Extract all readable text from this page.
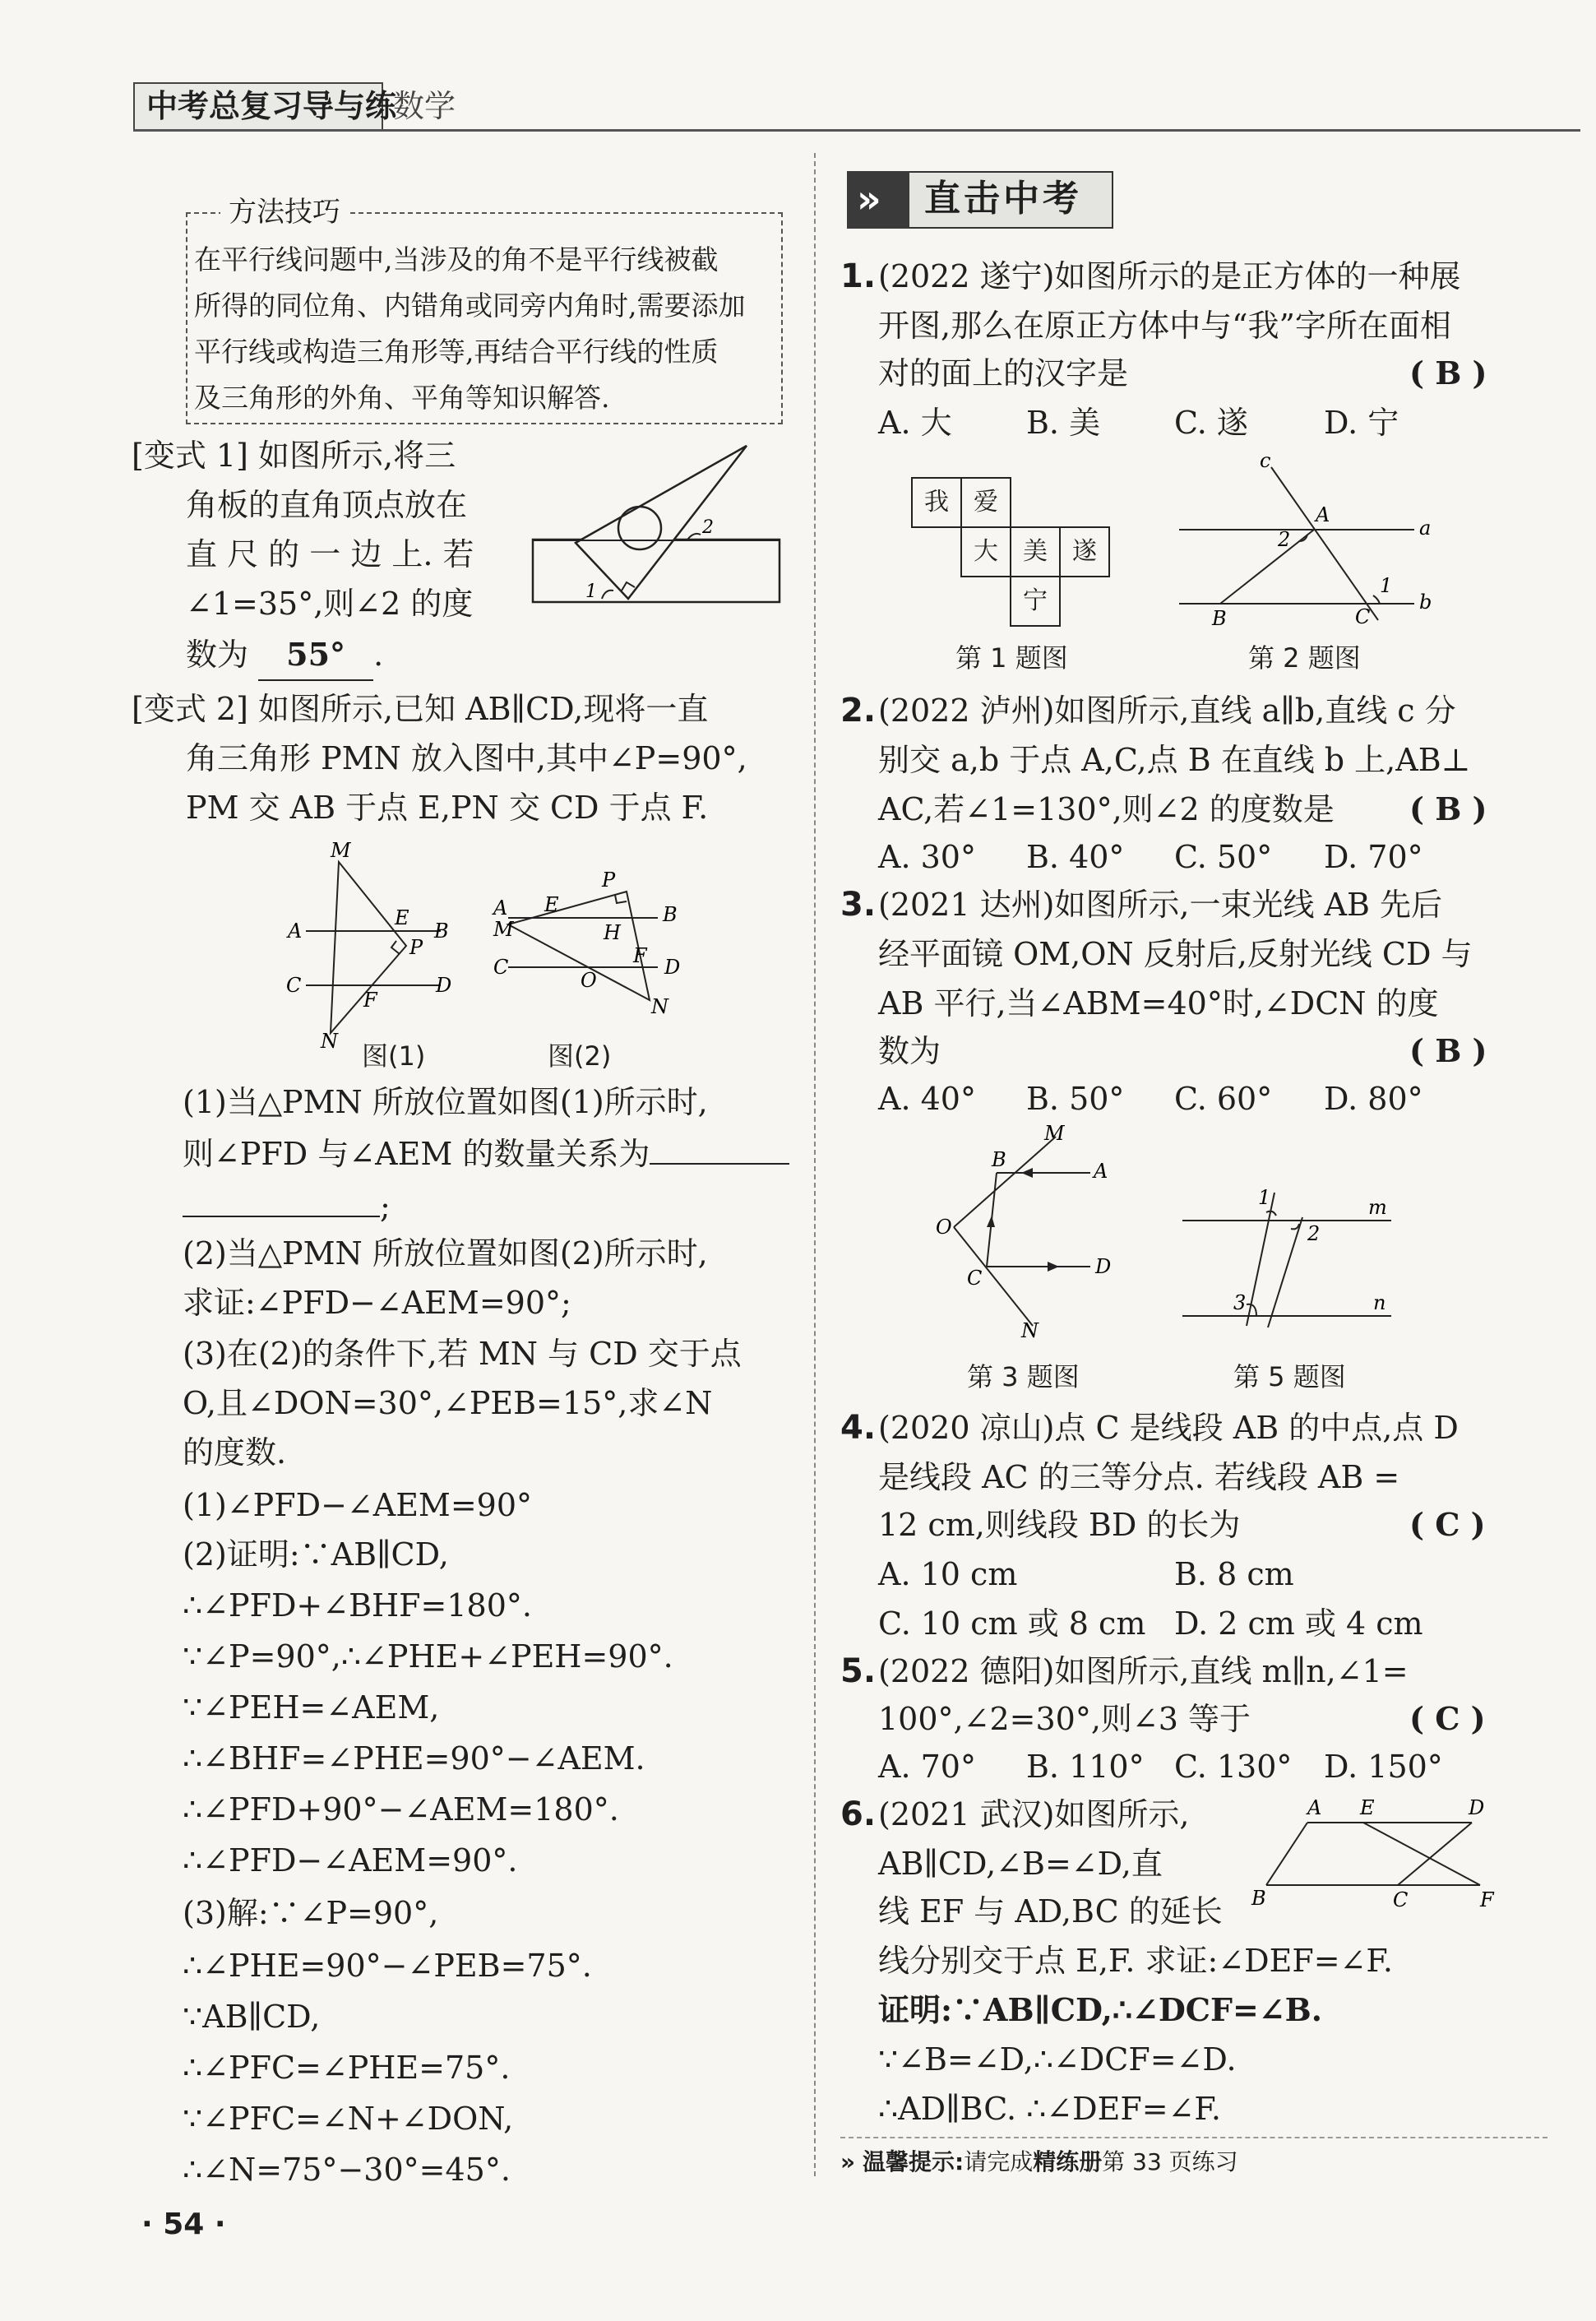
中考总复习导与练
数学
方法技巧
在平行线问题中,当涉及的角不是平行线被截
所得的同位角、内错角或同旁内角时,需要添加
平行线或构造三角形等,再结合平行线的性质
及三角形的外角、平角等知识解答.
[变式 1] 如图所示,将三
角板的直角顶点放在
直 尺 的 一 边 上. 若
∠1=35°,则∠2 的度
数为 55° .
1
2
[变式 2] 如图所示,已知 AB∥CD,现将一直
角三角形 PMN 放入图中,其中∠P=90°,
PM 交 AB 于点 E,PN 交 CD 于点 F.
M
A
E
B
P
C
F
D
N 图(1)
P
A E
M	H
B
C
O
F D
N
图(2)
(1)当△PMN 所放位置如图(1)所示时,
则∠PFD 与∠AEM 的数量关系为
;
(2)当△PMN 所放位置如图(2)所示时,
求证:∠PFD−∠AEM=90°;
(3)在(2)的条件下,若 MN 与 CD 交于点
O,且∠DON=30°,∠PEB=15°,求∠N
的度数.
(1)∠PFD−∠AEM=90°
(2)证明:∵AB∥CD,
∴∠PFD+∠BHF=180°.
∵∠P=90°,∴∠PHE+∠PEH=90°.
∵∠PEH=∠AEM,
∴∠BHF=∠PHE=90°−∠AEM.
∴∠PFD+90°−∠AEM=180°.
∴∠PFD−∠AEM=90°.
(3)解:∵∠P=90°,
∴∠PHE=90°−∠PEB=75°.
∵AB∥CD,
∴∠PFC=∠PHE=75°.
∵∠PFC=∠N+∠DON,
∴∠N=75°−30°=45°.
· 54 ·
» 直击中考
1. (2022 遂宁)如图所示的是正方体的一种展
开图,那么在原正方体中与“我”字所在面相
对的面上的汉字是	( B )
A. 大 B. 美 C. 遂 D. 宁
我	爱
大	美	遂
宁
第 1 题图
c
A
a
2
1
B	C
b
第 2 题图
2. (2022 泸州)如图所示,直线 a∥b,直线 c 分
别交 a,b 于点 A,C,点 B 在直线 b 上,AB⊥
AC,若∠1=130°,则∠2 的度数是 ( B )
A. 30° B. 40° C. 50° D. 70°
3. (2021 达州)如图所示,一束光线 AB 先后
经平面镜 OM,ON 反射后,反射光线 CD 与
AB 平行,当∠ABM=40°时,∠DCN 的度
数为	( B )
A. 40° B. 50° C. 60° D. 80°
M
B	A
O
C	D
N
第 3 题图
1
2
m
3	n
第 5 题图
4. (2020 凉山)点 C 是线段 AB 的中点,点 D
是线段 AC 的三等分点. 若线段 AB =
12 cm,则线段 BD 的长为	( C )
A. 10 cm	B. 8 cm
C. 10 cm 或 8 cm D. 2 cm 或 4 cm
5. (2022 德阳)如图所示,直线 m∥n,∠1=
100°,∠2=30°,则∠3 等于	( C )
A. 70° B. 110° C. 130° D. 150°
6. (2021 武汉)如图所示,
AB∥CD,∠B=∠D,直
线 EF 与 AD,BC 的延长
线分别交于点 E,F. 求证:∠DEF=∠F.
证明:∵AB∥CD,∴∠DCF=∠B.
∵∠B=∠D,∴∠DCF=∠D.
∴AD∥BC. ∴∠DEF=∠F.
A E	D
B	C	F
» 温馨提示:请完成精练册第 33 页练习
